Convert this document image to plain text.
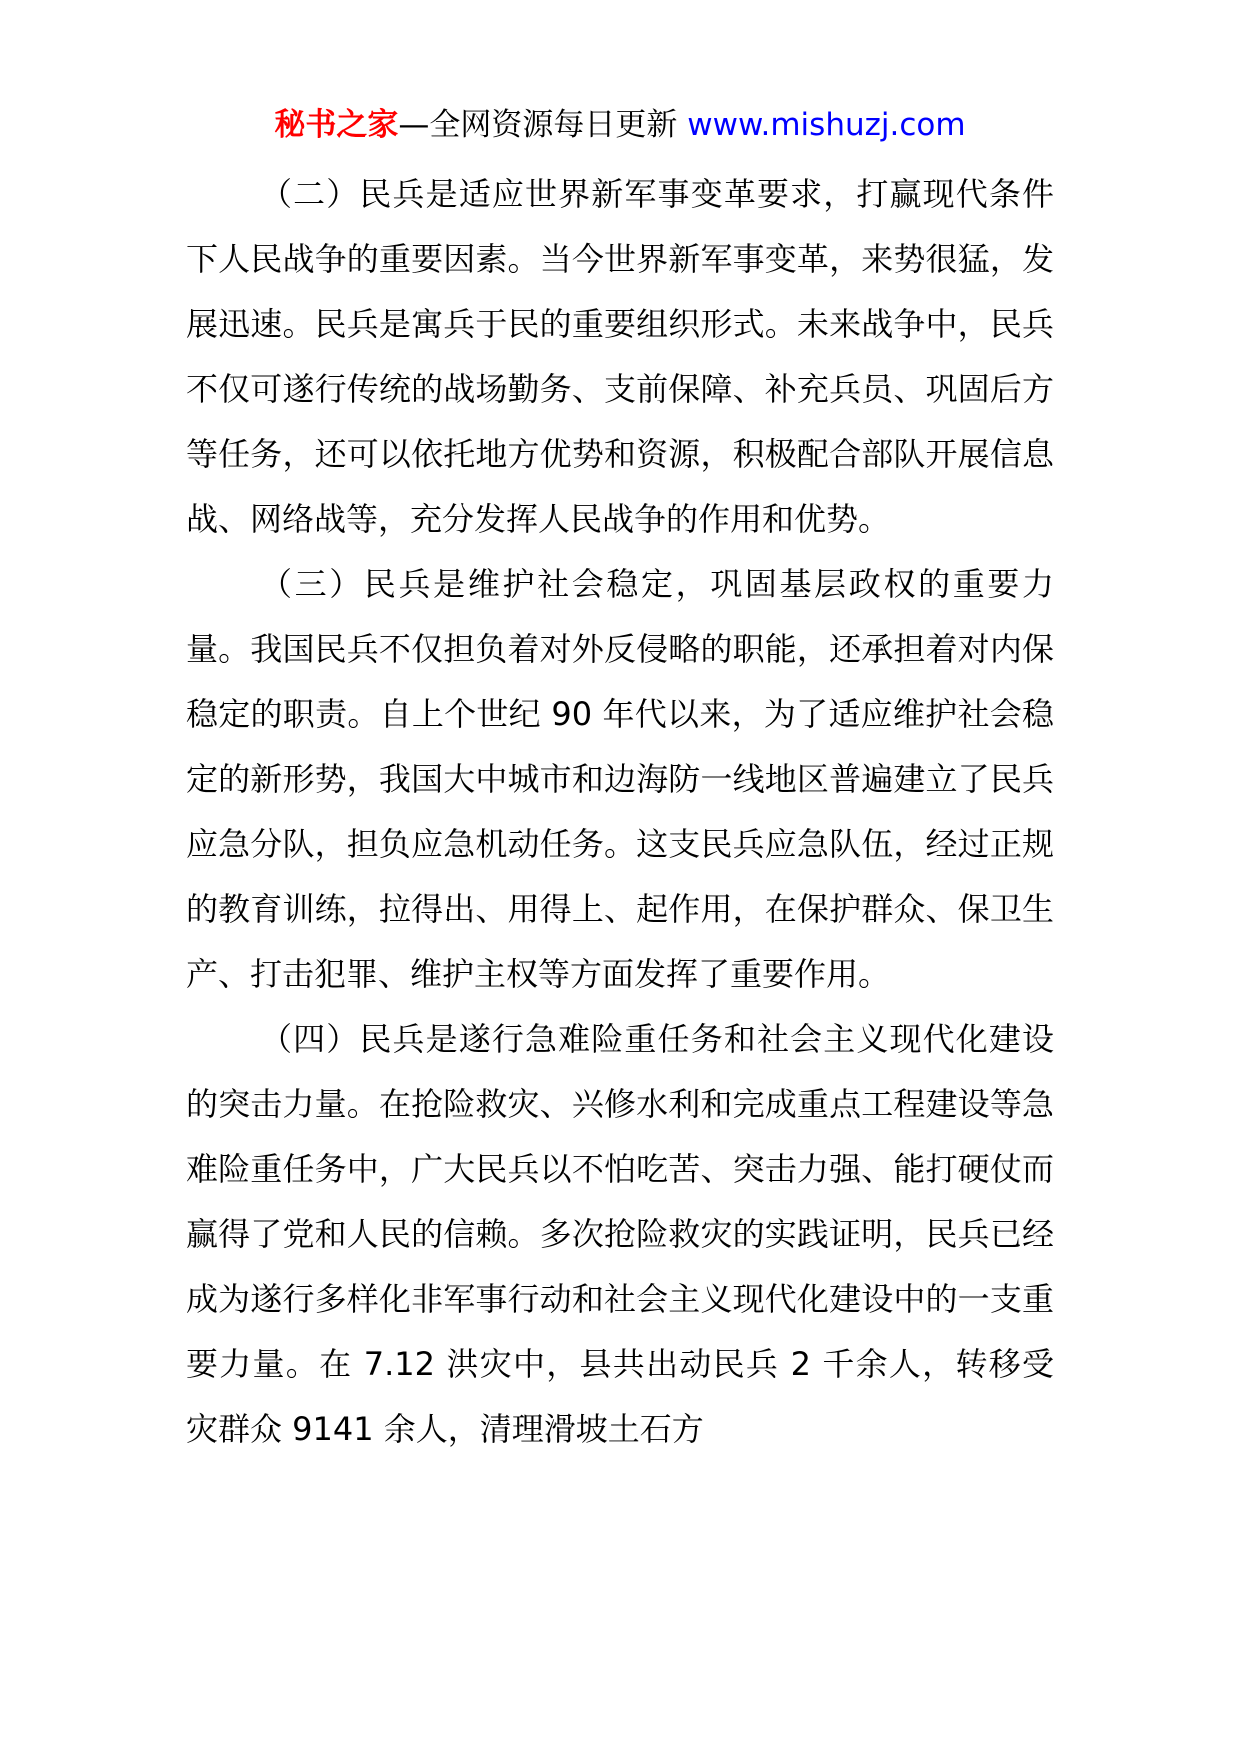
秘书之家—全网资源每日更新 www.mishuzj.com

（二）民兵是适应世界新军事变革要求，打赢现代条件下人民战争的重要因素。当今世界新军事变革，来势很猛，发展迅速。民兵是寓兵于民的重要组织形式。未来战争中，民兵不仅可遂行传统的战场勤务、支前保障、补充兵员、巩固后方等任务，还可以依托地方优势和资源，积极配合部队开展信息战、网络战等，充分发挥人民战争的作用和优势。

（三）民兵是维护社会稳定，巩固基层政权的重要力量。我国民兵不仅担负着对外反侵略的职能，还承担着对内保稳定的职责。自上个世纪 90 年代以来，为了适应维护社会稳定的新形势，我国大中城市和边海防一线地区普遍建立了民兵应急分队，担负应急机动任务。这支民兵应急队伍，经过正规的教育训练，拉得出、用得上、起作用，在保护群众、保卫生产、打击犯罪、维护主权等方面发挥了重要作用。

（四）民兵是遂行急难险重任务和社会主义现代化建设的突击力量。在抢险救灾、兴修水利和完成重点工程建设等急难险重任务中，广大民兵以不怕吃苦、突击力强、能打硬仗而赢得了党和人民的信赖。多次抢险救灾的实践证明，民兵已经成为遂行多样化非军事行动和社会主义现代化建设中的一支重要力量。在 7.12 洪灾中，县共出动民兵 2 千余人，转移受灾群众 9141 余人，清理滑坡土石方
